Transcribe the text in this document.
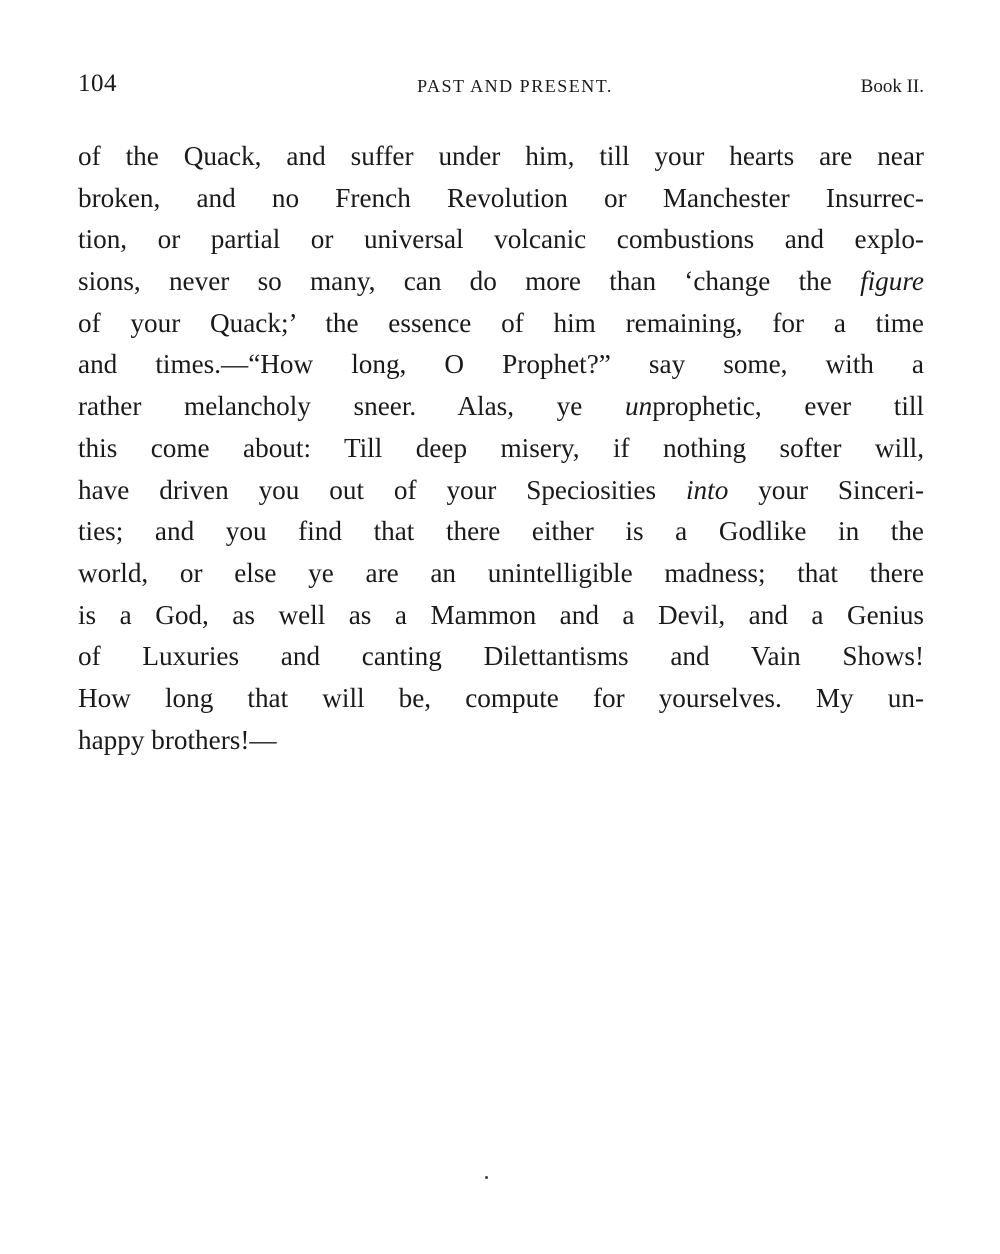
104	PAST AND PRESENT.	Book II.
of the Quack, and suffer under him, till your hearts are near
broken, and no French Revolution or Manchester Insurrec-
tion, or partial or universal volcanic combustions and explo-
sions, never so many, can do more than ‘change the figure
of your Quack;’ the essence of him remaining, for a time
and times.—“How long, O Prophet?” say some, with a
rather melancholy sneer. Alas, ye unprophetic, ever till
this come about: Till deep misery, if nothing softer will,
have driven you out of your Speciosities into your Sinceri-
ties; and you find that there either is a Godlike in the
world, or else ye are an unintelligible madness; that there
is a God, as well as a Mammon and a Devil, and a Genius
of Luxuries and canting Dilettantisms and Vain Shows!
How long that will be, compute for yourselves. My un-
happy brothers!—
